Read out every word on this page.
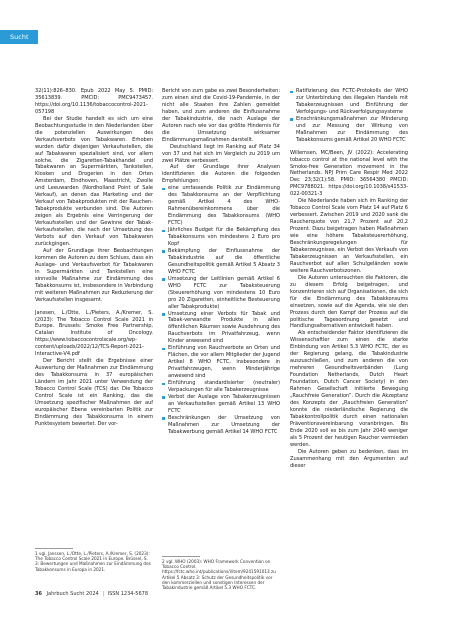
Sucht

32(11):826–830. Epub 2022 May 5. PMID: 35613839. PMCID: PMC9473457. https://doi.org/10.1136/tobaccocontrol-2021-057198

Bei der Studie handelt es sich um eine Beobachtungsstudie in den Niederlanden über die potenziellen Auswirkungen des Verkaufsverbots von Tabakwaren. Erhoben wurden dafür diejenigen Verkaufsstellen, die auf Tabakwaren spezialisiert sind, vor allem solche, die Zigaretten-Tabakhandel und Tabakwaren an Supermärkten, Tankstellen, Kiosken und Drogerien in den Orten Amsterdam, Eindhoven, Maastricht, Zwolle und Leeuwarden (Nordholland Point of Sale Verkauf), an denen das Marketing und der Verkauf von Tabakprodukten mit der Rauchen-Tabakprodukte verbunden sind. Die Autoren zeigen als Ergebnis eine Verringerung der Verkaufsstellen und der Gewinne der Tabak-Verkaufsstellen, die nach der Umsetzung des Verbots auf den Verkauf von Tabakwaren zurückgingen.

Auf der Grundlage ihrer Beobachtungen kommen die Autoren zu dem Schluss, dass ein Auslage- und Verkaufsverbot für Tabakwaren in Supermärkten und Tankstellen eine sinnvolle Maßnahme zur Eindämmung des Tabakkonsums ist, insbesondere in Verbindung mit weiteren Maßnahmen zur Reduzierung der Verkaufsstellen insgesamt.

Janssen, L./Otte, L./Pieters, A./Kremer, S. (2023): The Tobacco Control Scale 2021 in Europe. Brussels: Smoke Free Partnership, Catalan Institute of Oncology. https://www.tobaccocontrolscale.org/wp-content/uploads/2022/12/TCS-Report-2021-Interactive-V4.pdf

Der Bericht stellt die Ergebnisse einer Auswertung der Maßnahmen zur Eindämmung des Tabakkonsums in 37 europäischen Ländern im Jahr 2021 unter Verwendung der Tobacco Control Scale (TCS) dar. Die Tobacco Control Scale ist ein Ranking, das die Umsetzung spezifischer Maßnahmen der auf europäischer Ebene vereinbarten Politik zur Eindämmung des Tabakkonsums in einem Punktesystem bewertet. Der vor-

Bericht von zum gabe es zwei Besonderheiten: zum einen sind die Covid-19-Pandemie, in der nicht alle Staaten ihre Zahlen gemeldet haben, und zum anderen die Einflussnahme der Tabakindustrie, die nach Auslage der Autoren nach wie vor das größte Hindernis für die Umsetzung wirksamer Eindämmungsmaßnahmen darstellt.

Deutschland liegt im Ranking auf Platz 34 von 37 und hat sich im Vergleich zu 2019 um zwei Plätze verbessert.

Auf der Grundlage ihrer Analysen identifizieren die Autoren die folgenden Empfehlungen:

eine umfassende Politik zur Eindämmung des Tabakkonsums an der Verpflichtung gemäß Artikel 4 des WHO-Rahmenübereinkommens über die Eindämmung des Tabakkonsums (WHO FCTC)
Jährliches Budget für die Bekämpfung des Tabakkonsums von mindestens 2 Euro pro Kopf
Bekämpfung der Einflussnahme der Tabakindustrie auf die öffentliche Gesundheitspolitik gemäß Artikel 5 Absatz 3 WHO FCTC
Umsetzung der Leitlinien gemäß Artikel 6 WHO FCTC zur Tabaksteuerung (Steuererhöhung von mindestens 10 Euro pro 20 Zigaretten, einheitliche Besteuerung aller Tabakprodukte)
Umsetzung einer Verbots für Tabak und Tabak-verwandte Produkte in allen öffentlichen Räumen sowie Ausdehnung des Rauchverbots im Privatfahrzeug, wenn Kinder anwesend sind
Einführung von Rauchverbote an Orten und Flächen, die vor allem Mitglieder der Jugend Artikel 8 WHO FCTC, insbesondere in Privatfahrzeugen, wenn Minderjährige anwesend sind
Einführung standardisierter (neutraler) Verpackungen für alle Tabakerzeugnisse
Verbot der Auslage von Tabakerzeugnissen an Verkaufsstellen gemäß Artikel 13 WHO FCTC
Beschränkungen der Umsetzung von Maßnahmen zur Umsetzung der Tabakwerbung gemäß Artikel 14 WHO FCTC
Ratifizierung des FCTC-Protokolls der WHO zur Unterbindung des illegalen Handels mit Tabakerzeugnissen und Einführung der Verfolgungs- und Rückverfolgungssysteme
Einschränkungsmaßnahmen zur Minderung und zur Messung der Wirkung von Maßnahmen zur Eindämmung des Tabakkonsums gemäß Artikel 20 WHO FCTC

Willemsen, MC/Been, JV (2022): Accelerating tobacco control at the national level with the Smoke-free Generation movement in the Netherlands. NPJ Prim Care Respir Med 2022 Dec 23;32(1):58. PMID: 36564380 PMCID: PMC9788021. https://doi.org/10.1038/s41533-022-00321-3

Die Niederlande haben sich im Ranking der Tobacco Control Scale vom Platz 14 auf Platz 6 verbessert. Zwischen 2019 und 2020 sank die Raucherquote von 21,7 Prozent auf 20,2 Prozent. Dazu beigetragen haben Maßnahmen wie eine höhere Tabaksteuererhöhung, Beschränkungsregelungen für Tabakerzeugnisse, ein Verbot des Verkaufs von Tabakerzeugnissen an Verkaufsstellen, ein Rauchverbot auf allen Schulgeländen sowie weitere Rauchverbotszonen.

Die Autoren untersuchten die Faktoren, die zu diesem Erfolg beigetragen, und konzentrieren sich auf Organisationen, die sich für die Eindämmung des Tabakkonsums einsetzen, sowie auf die Agenda, wie sie den Prozess durch den Kampf der Prozess auf die politische Tagesordnung gesetzt und Handlungsalternativen entwickelt haben.

Als entscheidender Faktor identifizieren die Wissenschaftler zum einen die starke Einbindung von Artikel 5.3 WHO FCTC, der es der Regierung gelang, die Tabakindustrie auszuschließen, und zum anderen die von mehreren Gesundheitsverbänden (Lung Foundation Netherlands, Dutch Heart Foundation, Dutch Cancer Society) in den Rahmen Gesellschaft initiierte Bewegung „Rauchfreie Generation“. Durch die Akzeptanz des Konzepts der „Rauchfreien Generation“ konnte die niederländische Regierung die Tabakkontrollpolitik durch einen nationalen Präventionsvereinbarung voranbringen. Bis Ende 2020 soll es bis zum Jahr 2040 weniger als 5 Prozent der heutigen Raucher vermieden werden.

Die Autoren geben zu bedenken, dass im Zusammenhang mit den Argumenten auf dieser

1 vgl. Janssen, L./Otte, L./Pieters, A./Kremer, S. (2023): The Tobacco Control Scale 2021 in Europe. Brüssel, S. 3: Bewertungen und Maßnahmen zur Eindämmung des Tabakkonsums in Europa in 2021.
2 vgl. WHO (2003): WHO Framework Convention on Tobacco Control. https://fctc.who.int/publications/i/item/9241591013 zu Artikel 5 Absatz 3: Schutz der Gesundheitspolitik vor den kommerziellen und sonstigen Interessen der Tabakindustrie gemäß Artikel 5.3 WHO FCTC.
36 Jahrbuch Sucht 2024 | ISSN 1234-5678
